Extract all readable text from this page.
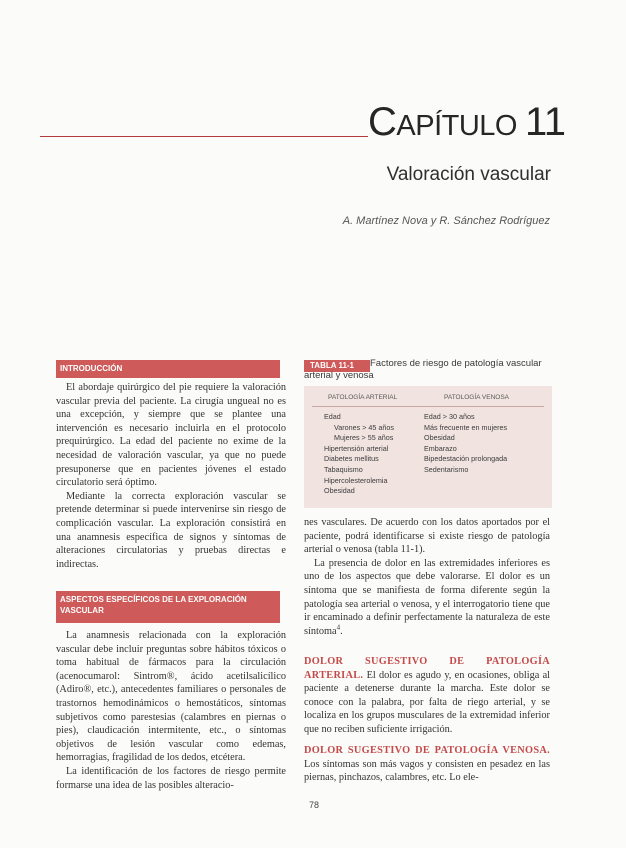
CAPÍTULO 11
Valoración vascular
A. Martínez Nova y R. Sánchez Rodríguez
INTRODUCCIÓN

El abordaje quirúrgico del pie requiere la valoración vascular previa del paciente. La cirugía ungueal no es una excepción, y siempre que se plantee una intervención es necesario incluirla en el protocolo prequirúrgico. La edad del paciente no exime de la necesidad de valoración vascular, ya que no puede presuponerse que en pacientes jóvenes el estado circulatorio será óptimo.

Mediante la correcta exploración vascular se pretende determinar si puede intervenirse sin riesgo de complicación vascular. La exploración consistirá en una anamnesis específica de signos y síntomas de alteraciones circulatorias y pruebas directas e indirectas.

ASPECTOS ESPECÍFICOS DE LA EXPLORACIÓN VASCULAR

La anamnesis relacionada con la exploración vascular debe incluir preguntas sobre hábitos tóxicos o toma habitual de fármacos para la circulación (acenocumarol: Sintrom®, ácido acetilsalicílico (Adiro®, etc.), antecedentes familiares o personales de trastornos hemodinámicos o hemostáticos, síntomas subjetivos como parestesias (calambres en piernas o pies), claudicación intermitente, etc., o síntomas objetivos de lesión vascular como edemas, hemorragias, fragilidad de los dedos, etcétera.

La identificación de los factores de riesgo permite formarse una idea de las posibles alteracio-

TABLA 11-1	Factores de riesgo de patología vascular
arterial y venosa
PATOLOGÍA ARTERIAL	PATOLOGÍA VENOSA
Edad
Varones > 45 años
Mujeres > 55 años
Hipertensión arterial
Diabetes mellitus
Tabaquismo
Hipercolesterolemia
Obesidad
Edad > 30 años
Más frecuente en mujeres
Obesidad
Embarazo
Bipedestación prolongada
Sedentarismo

nes vasculares. De acuerdo con los datos aportados por el paciente, podrá identificarse si existe riesgo de patología arterial o venosa (tabla 11-1).

La presencia de dolor en las extremidades inferiores es uno de los aspectos que debe valorarse. El dolor es un síntoma que se manifiesta de forma diferente según la patología sea arterial o venosa, y el interrogatorio tiene que ir encaminado a definir perfectamente la naturaleza de este síntoma$^4$.

DOLOR SUGESTIVO DE PATOLOGÍA ARTERIAL. El dolor es agudo y, en ocasiones, obliga al paciente a detenerse durante la marcha. Este dolor se conoce con la palabra, por falta de riego arterial, y se localiza en los grupos musculares de la extremidad inferior que no reciben suficiente irrigación.

DOLOR SUGESTIVO DE PATOLOGÍA VENOSA. Los síntomas son más vagos y consisten en pesadez en las piernas, pinchazos, calambres, etc. Lo ele-

78
